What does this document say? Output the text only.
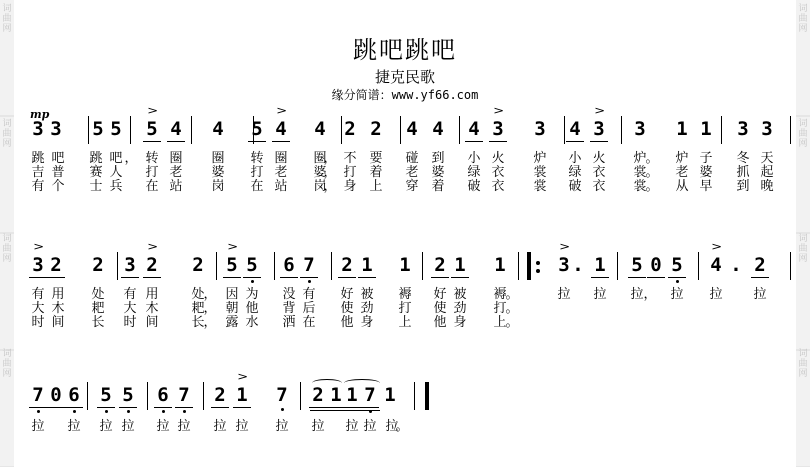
跳吧跳吧
捷克民歌
缘分简谱：www.yf66.com
mp
3 3	5 5	5
>
4	4	5 4
>
4 2 2	4 4	4 3
>
3	4 3
>
3	1 1	3 3
跳 吧 跳 吧 ， 转 圈 圈 转 圈 圈
， 不 要 碰 到 小 火 炉 小 火 炉
。 炉 子 冬 天
吉 普 赛 人 打 老 婆 打 老 婆
， 打 着 老 婆 绿 衣 裳 绿 衣 裳
。 老 婆 抓 起
有 个 士 兵 在 站 岗 在 站 岗
， 身 上 穿 着 破 衣 裳 破 衣 裳
。 从 早 到 晚
3
>
2	2	3 2
>
2	5
>
5	6 7	2 1	1	2 1	1	3
>
. 1	5 0 5	4
>
. 2
有 用 处 有 用	处
， 因 为 没 有 好 被 褥 好 被 褥
。	拉 拉 拉 ， 拉 拉 拉
大 木 耙 大 木	耙
， 朝 他 背 后 使 劲 打 使 劲 打
。
时 间 长 时 间	长
， 露 水 洒 在 他 身 上 他 身 上
。
7 0 6	5 5	6 7	2 1
>
7	2 1 1 7 1
拉 拉 拉 拉 拉 拉 拉 拉 拉 拉 拉 拉 拉
。
词
曲
网
词
曲
网
词
曲
网
词
曲
网
词
曲
网
词
曲
网
词
曲
网
词
曲
网
